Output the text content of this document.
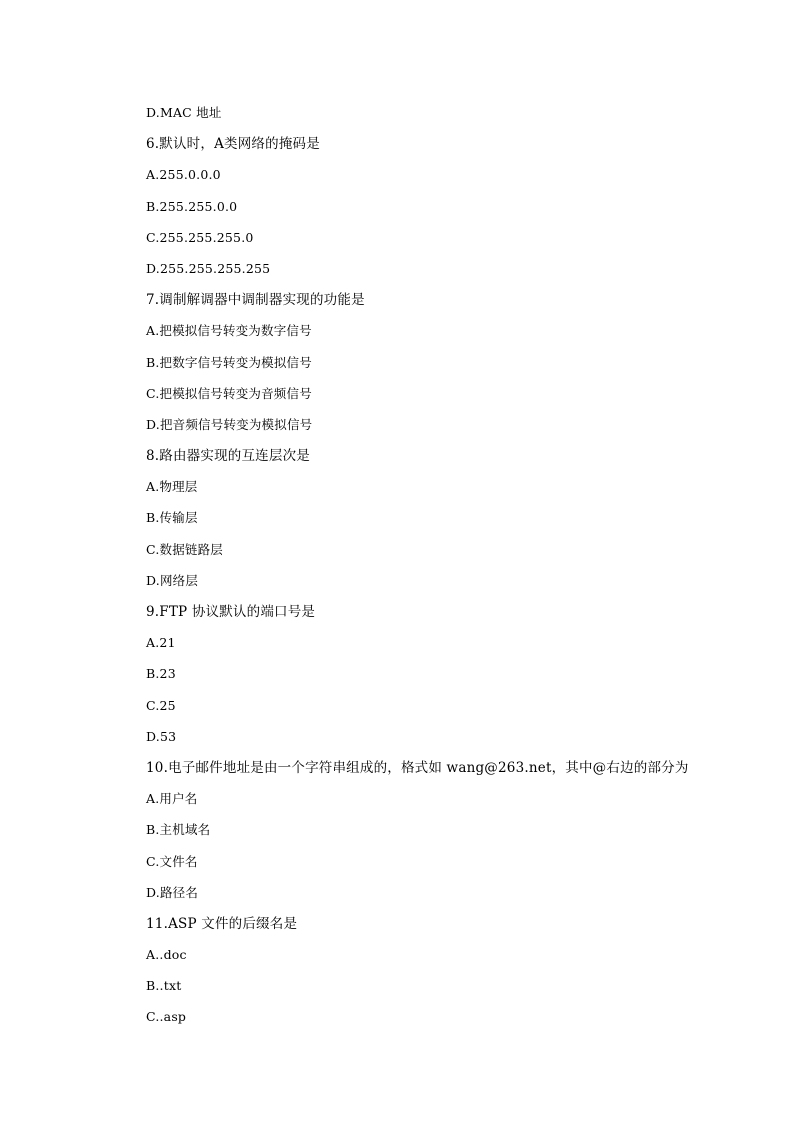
D.MAC 地址
6.默认时，A类网络的掩码是
A.255.0.0.0
B.255.255.0.0
C.255.255.255.0
D.255.255.255.255
7.调制解调器中调制器实现的功能是
A.把模拟信号转变为数字信号
B.把数字信号转变为模拟信号
C.把模拟信号转变为音频信号
D.把音频信号转变为模拟信号
8.路由器实现的互连层次是
A.物理层
B.传输层
C.数据链路层
D.网络层
9.FTP 协议默认的端口号是
A.21
B.23
C.25
D.53
10.电子邮件地址是由一个字符串组成的，格式如 wang@263.net，其中@右边的部分为
A.用户名
B.主机域名
C.文件名
D.路径名
11.ASP 文件的后缀名是
A..doc
B..txt
C..asp
